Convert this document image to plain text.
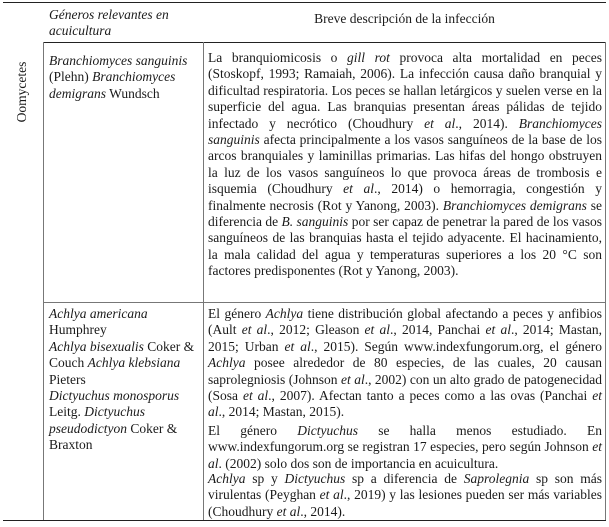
Géneros relevantes en acuicultura
Breve descripción de la infección
Oomycetes
Branchiomyces sanguinis (Plehn) Branchiomyces demigrans Wundsch

La branquiomicosis o gill rot provoca alta mortalidad en peces (Stoskopf, 1993; Ramaiah, 2006). La infección causa daño branquial y dificultad respiratoria. Los peces se hallan letárgicos y suelen verse en la superficie del agua. Las branquias presentan áreas pálidas de tejido infectado y necrótico (Choudhury et al., 2014). Branchiomyces sanguinis afecta principalmente a los vasos sanguíneos de la base de los arcos branquiales y laminillas primarias. Las hifas del hongo obstruyen la luz de los vasos sanguíneos lo que provoca áreas de trombosis e isquemia (Choudhury et al., 2014) o hemorragia, congestión y finalmente necrosis (Rot y Yanong, 2003). Branchiomyces demigrans se diferencia de B. sanguinis por ser capaz de penetrar la pared de los vasos sanguíneos de las branquias hasta el tejido adyacente. El hacinamiento, la mala calidad del agua y temperaturas superiores a los 20 °C son factores predisponentes (Rot y Yanong, 2003).

Achlya americana Humphrey
Achlya bisexualis Coker & Couch Achlya klebsiana Pieters
Dictyuchus monosporus Leitg. Dictyuchus pseudodictyon Coker & Braxton

El género Achlya tiene distribución global afectando a peces y anfibios (Ault et al., 2012; Gleason et al., 2014, Panchai et al., 2014; Mastan, 2015; Urban et al., 2015). Según www.indexfungorum.org, el género Achlya posee alrededor de 80 especies, de las cuales, 20 causan saprolegniosis (Johnson et al., 2002) con un alto grado de patogenecidad (Sosa et al., 2007). Afectan tanto a peces como a las ovas (Panchai et al., 2014; Mastan, 2015).

El género Dictyuchus se halla menos estudiado. En www.indexfungorum.org se registran 17 especies, pero según Johnson et al. (2002) solo dos son de importancia en acuicultura.

Achlya sp y Dictyuchus sp a diferencia de Saprolegnia sp son más virulentas (Peyghan et al., 2019) y las lesiones pueden ser más variables (Choudhury et al., 2014).
